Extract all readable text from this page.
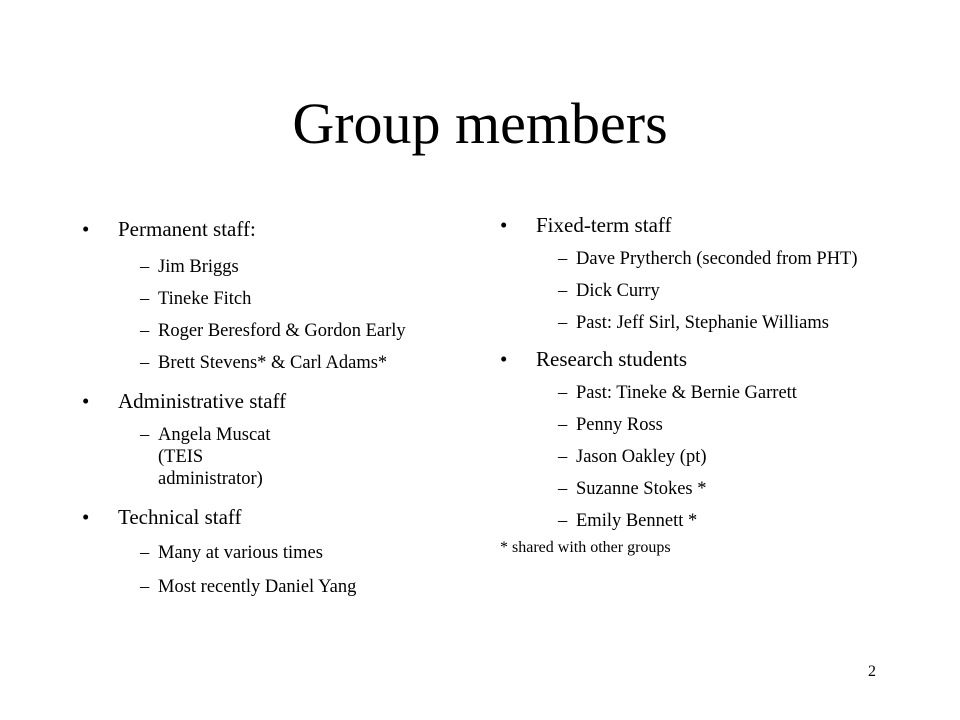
Group members
• Permanent staff:
– Jim Briggs
– Tineke Fitch
– Roger Beresford & Gordon Early
– Brett Stevens* & Carl Adams*
• Administrative staff
– Angela Muscat (TEIS administrator)
• Technical staff
– Many at various times
– Most recently Daniel Yang
• Fixed-term staff
– Dave Prytherch (seconded from PHT)
– Dick Curry
– Past: Jeff Sirl, Stephanie Williams
• Research students
– Past: Tineke & Bernie Garrett
– Penny Ross
– Jason Oakley (pt)
– Suzanne Stokes *
– Emily Bennett *
* shared with other groups
2
